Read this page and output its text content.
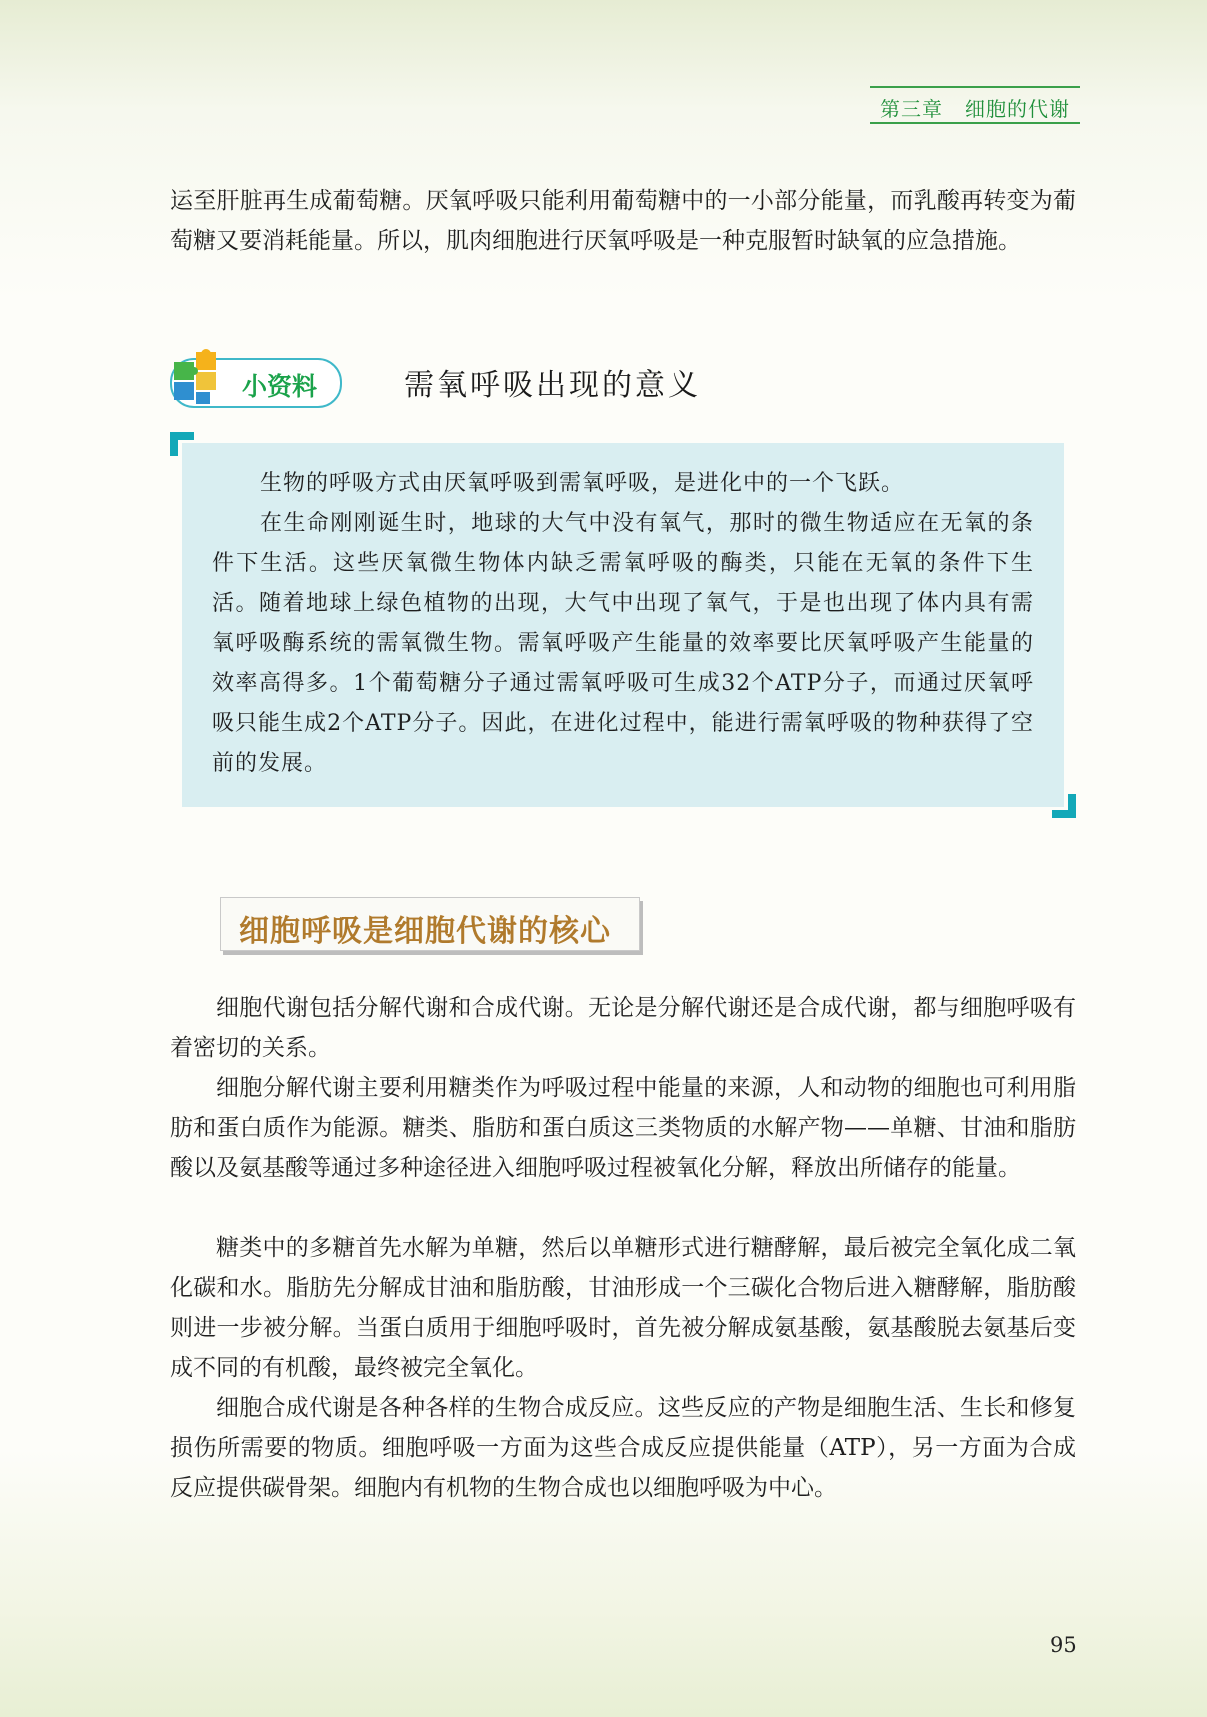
第三章 细胞的代谢

运至肝脏再生成葡萄糖。厌氧呼吸只能利用葡萄糖中的一小部分能量，而乳酸再转变为葡萄糖又要消耗能量。所以，肌肉细胞进行厌氧呼吸是一种克服暂时缺氧的应急措施。

小资料	需氧呼吸出现的意义

生物的呼吸方式由厌氧呼吸到需氧呼吸，是进化中的一个飞跃。

在生命刚刚诞生时，地球的大气中没有氧气，那时的微生物适应在无氧的条件下生活。这些厌氧微生物体内缺乏需氧呼吸的酶类，只能在无氧的条件下生活。随着地球上绿色植物的出现，大气中出现了氧气，于是也出现了体内具有需氧呼吸酶系统的需氧微生物。需氧呼吸产生能量的效率要比厌氧呼吸产生能量的效率高得多。1个葡萄糖分子通过需氧呼吸可生成32个ATP分子，而通过厌氧呼吸只能生成2个ATP分子。因此，在进化过程中，能进行需氧呼吸的物种获得了空前的发展。

细胞呼吸是细胞代谢的核心

细胞代谢包括分解代谢和合成代谢。无论是分解代谢还是合成代谢，都与细胞呼吸有着密切的关系。

细胞分解代谢主要利用糖类作为呼吸过程中能量的来源，人和动物的细胞也可利用脂肪和蛋白质作为能源。糖类、脂肪和蛋白质这三类物质的水解产物——单糖、甘油和脂肪酸以及氨基酸等通过多种途径进入细胞呼吸过程被氧化分解，释放出所储存的能量。

糖类中的多糖首先水解为单糖，然后以单糖形式进行糖酵解，最后被完全氧化成二氧化碳和水。脂肪先分解成甘油和脂肪酸，甘油形成一个三碳化合物后进入糖酵解，脂肪酸则进一步被分解。当蛋白质用于细胞呼吸时，首先被分解成氨基酸，氨基酸脱去氨基后变成不同的有机酸，最终被完全氧化。

细胞合成代谢是各种各样的生物合成反应。这些反应的产物是细胞生活、生长和修复损伤所需要的物质。细胞呼吸一方面为这些合成反应提供能量（ATP），另一方面为合成反应提供碳骨架。细胞内有机物的生物合成也以细胞呼吸为中心。

95
